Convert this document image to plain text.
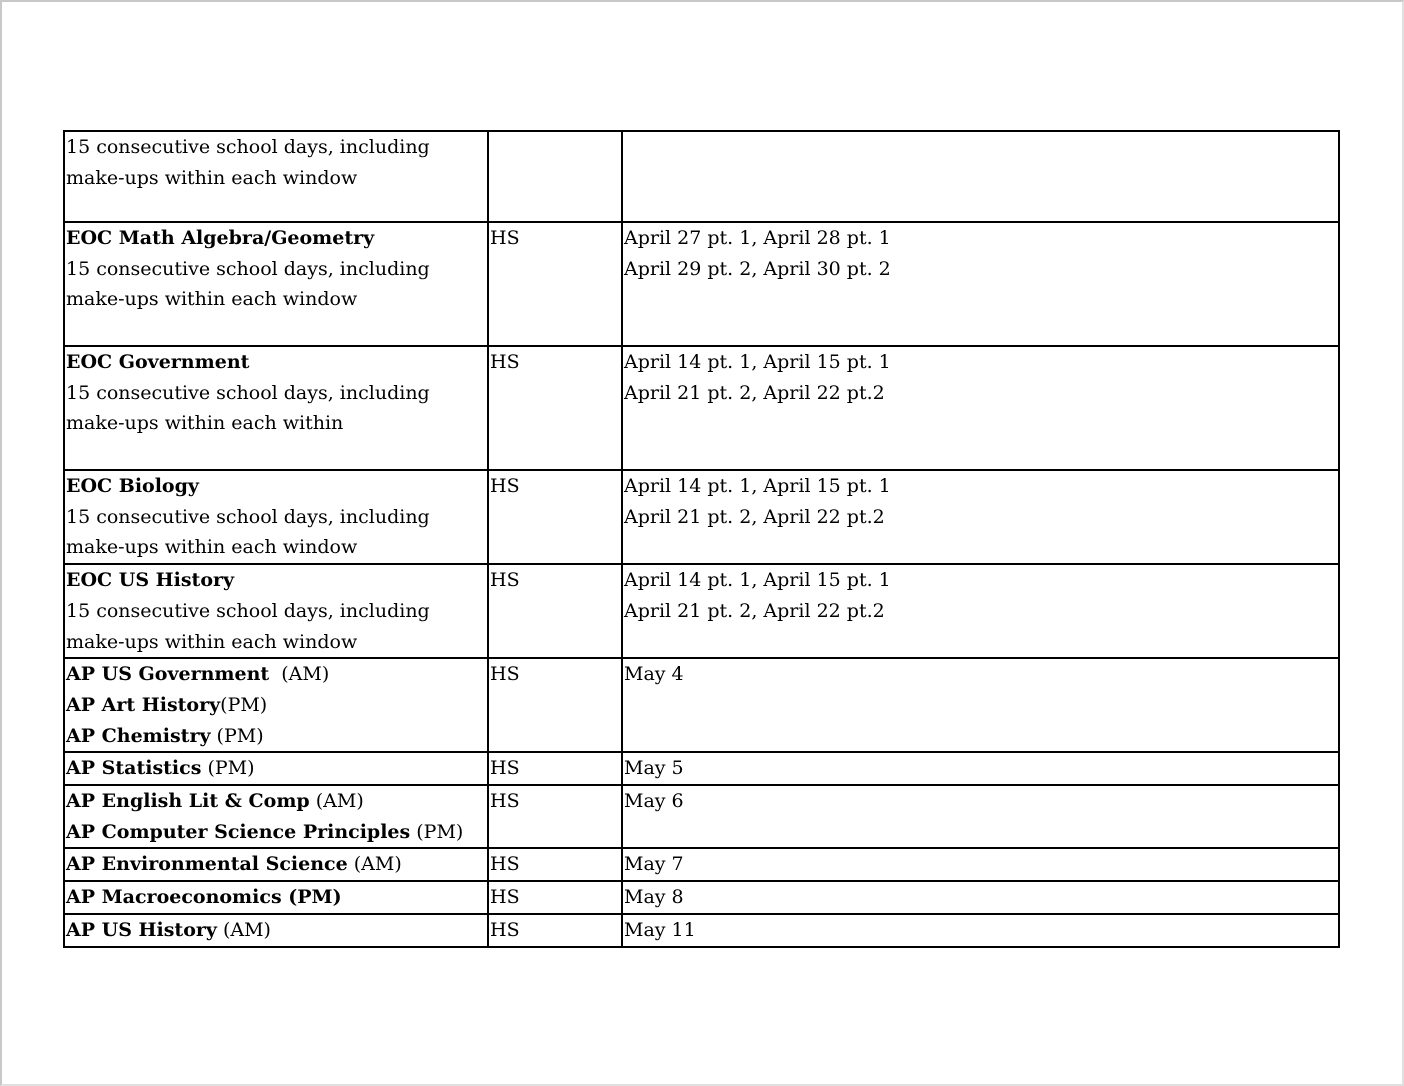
15 consecutive school days, including
make-ups within each window		

EOC Math Algebra/Geometry
15 consecutive school days, including
make-ups within each window	HS	April 27 pt. 1, April 28 pt. 1
April 29 pt. 2, April 30 pt. 2

EOC Government
15 consecutive school days, including
make-ups within each within	HS	April 14 pt. 1, April 15 pt. 1
April 21 pt. 2, April 22 pt.2

EOC Biology
15 consecutive school days, including
make-ups within each window	HS	April 14 pt. 1, April 15 pt. 1
April 21 pt. 2, April 22 pt.2

EOC US History
15 consecutive school days, including
make-ups within each window	HS	April 14 pt. 1, April 15 pt. 1
April 21 pt. 2, April 22 pt.2

AP US Government  (AM)
AP Art History(PM)
AP Chemistry (PM)	HS	May 4

AP Statistics (PM)	HS	May 5

AP English Lit & Comp (AM)
AP Computer Science Principles (PM)	HS	May 6

AP Environmental Science (AM)	HS	May 7

AP Macroeconomics (PM)	HS	May 8

AP US History (AM)	HS	May 11
